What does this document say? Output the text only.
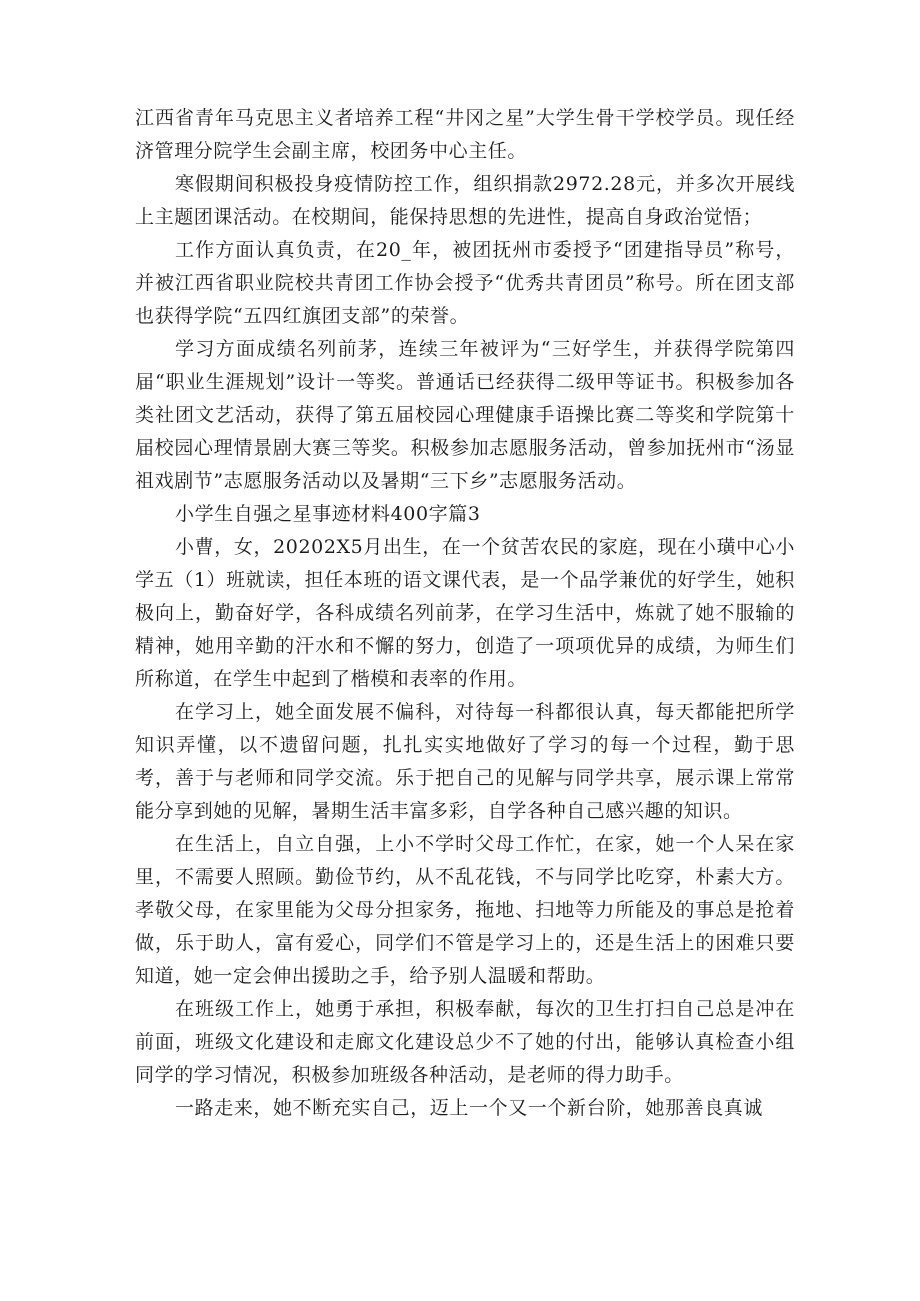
江西省青年马克思主义者培养工程“井冈之星”大学生骨干学校学员。现任经济管理分院学生会副主席，校团务中心主任。

寒假期间积极投身疫情防控工作，组织捐款2972.28元，并多次开展线上主题团课活动。在校期间，能保持思想的先进性，提高自身政治觉悟；

工作方面认真负责，在20_年，被团抚州市委授予“团建指导员”称号，并被江西省职业院校共青团工作协会授予“优秀共青团员”称号。所在团支部也获得学院“五四红旗团支部”的荣誉。

学习方面成绩名列前茅，连续三年被评为“三好学生，并获得学院第四届“职业生涯规划”设计一等奖。普通话已经获得二级甲等证书。积极参加各类社团文艺活动，获得了第五届校园心理健康手语操比赛二等奖和学院第十届校园心理情景剧大赛三等奖。积极参加志愿服务活动，曾参加抚州市“汤显祖戏剧节”志愿服务活动以及暑期“三下乡”志愿服务活动。

小学生自强之星事迹材料400字篇3

小曹，女，20202X5月出生，在一个贫苦农民的家庭，现在小璜中心小学五（1）班就读，担任本班的语文课代表，是一个品学兼优的好学生，她积极向上，勤奋好学，各科成绩名列前茅，在学习生活中，炼就了她不服输的精神，她用辛勤的汗水和不懈的努力，创造了一项项优异的成绩，为师生们所称道，在学生中起到了楷模和表率的作用。

在学习上，她全面发展不偏科，对待每一科都很认真，每天都能把所学知识弄懂，以不遗留问题，扎扎实实地做好了学习的每一个过程，勤于思考，善于与老师和同学交流。乐于把自己的见解与同学共享，展示课上常常能分享到她的见解，暑期生活丰富多彩，自学各种自己感兴趣的知识。

在生活上，自立自强，上小不学时父母工作忙，在家，她一个人呆在家里，不需要人照顾。勤俭节约，从不乱花钱，不与同学比吃穿，朴素大方。孝敬父母，在家里能为父母分担家务，拖地、扫地等力所能及的事总是抢着做，乐于助人，富有爱心，同学们不管是学习上的，还是生活上的困难只要知道，她一定会伸出援助之手，给予别人温暖和帮助。

在班级工作上，她勇于承担，积极奉献，每次的卫生打扫自己总是冲在前面，班级文化建设和走廊文化建设总少不了她的付出，能够认真检查小组同学的学习情况，积极参加班级各种活动，是老师的得力助手。

一路走来，她不断充实自己，迈上一个又一个新台阶，她那善良真诚
